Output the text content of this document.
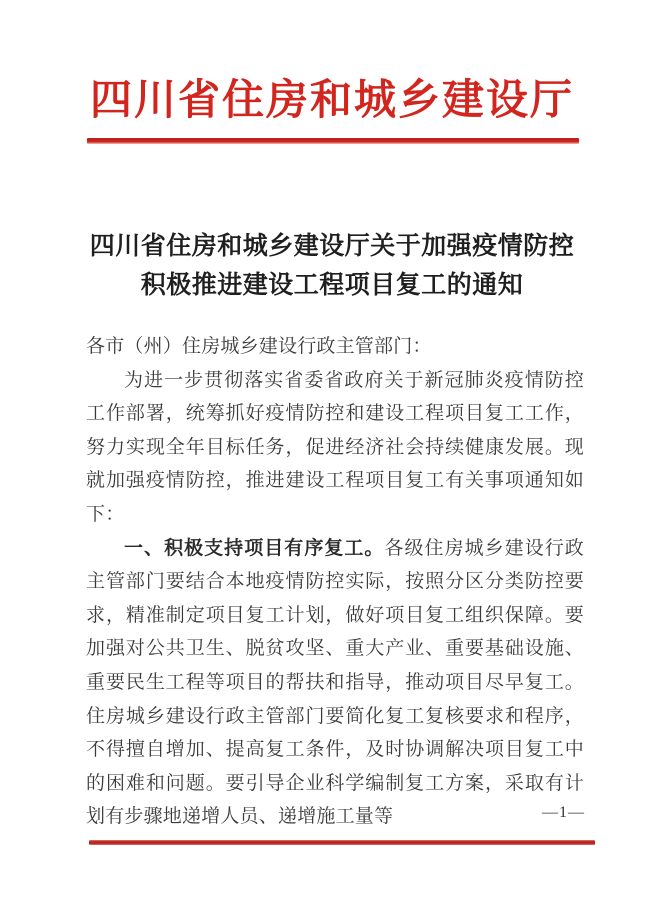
四川省住房和城乡建设厅
四川省住房和城乡建设厅关于加强疫情防控
积极推进建设工程项目复工的通知

各市（州）住房城乡建设行政主管部门：

为进一步贯彻落实省委省政府关于新冠肺炎疫情防控工作部署，统筹抓好疫情防控和建设工程项目复工工作，努力实现全年目标任务，促进经济社会持续健康发展。现就加强疫情防控，推进建设工程项目复工有关事项通知如下：

一、积极支持项目有序复工。各级住房城乡建设行政主管部门要结合本地疫情防控实际，按照分区分类防控要求，精准制定项目复工计划，做好项目复工组织保障。要加强对公共卫生、脱贫攻坚、重大产业、重要基础设施、重要民生工程等项目的帮扶和指导，推动项目尽早复工。住房城乡建设行政主管部门要简化复工复核要求和程序，不得擅自增加、提高复工条件，及时协调解决项目复工中的困难和问题。要引导企业科学编制复工方案，采取有计划有步骤地递增人员、递增施工量等	—1—
